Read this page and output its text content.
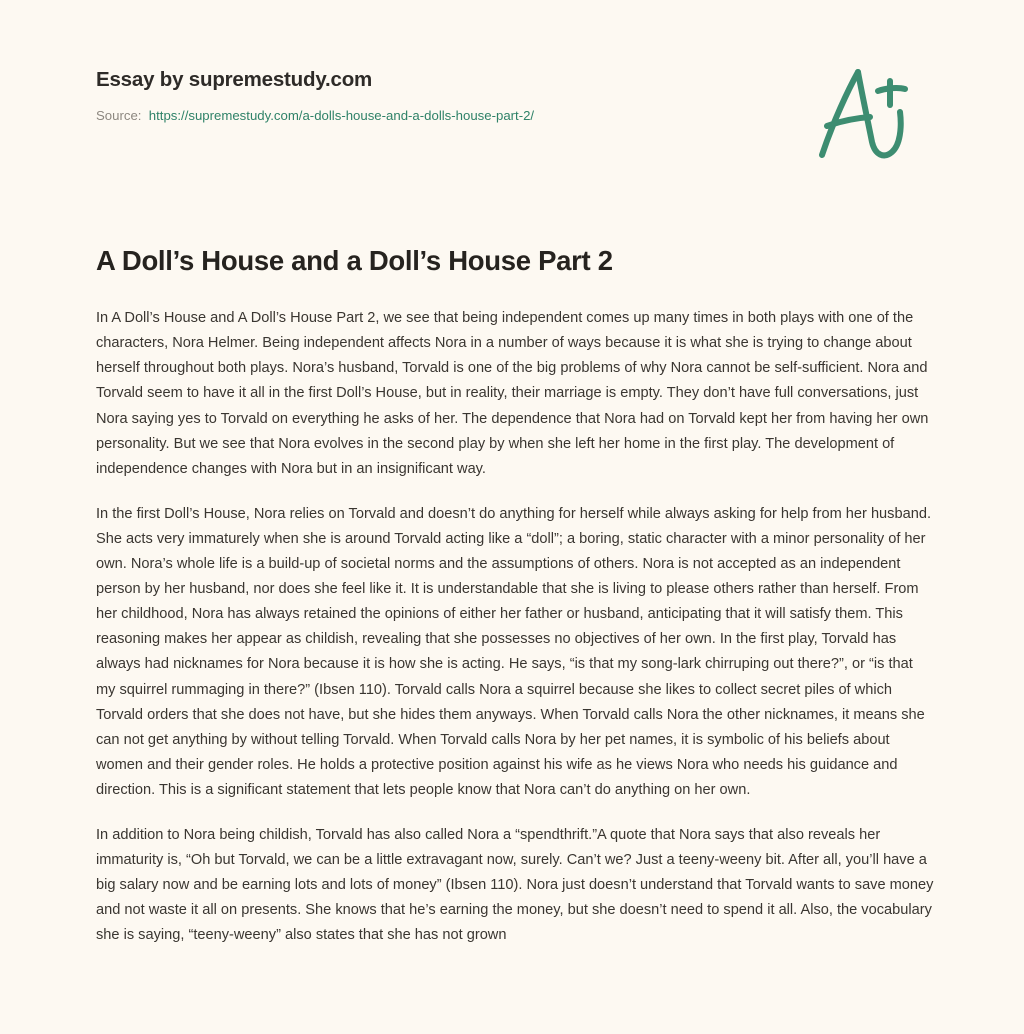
Essay by supremestudy.com
Source: https://supremestudy.com/a-dolls-house-and-a-dolls-house-part-2/
A Doll’s House and a Doll’s House Part 2

In A Doll’s House and A Doll’s House Part 2, we see that being independent comes up many times in both plays with one of the characters, Nora Helmer. Being independent affects Nora in a number of ways because it is what she is trying to change about herself throughout both plays. Nora’s husband, Torvald is one of the big problems of why Nora cannot be self-sufficient. Nora and Torvald seem to have it all in the first Doll’s House, but in reality, their marriage is empty. They don’t have full conversations, just Nora saying yes to Torvald on everything he asks of her. The dependence that Nora had on Torvald kept her from having her own personality. But we see that Nora evolves in the second play by when she left her home in the first play. The development of independence changes with Nora but in an insignificant way.

In the first Doll’s House, Nora relies on Torvald and doesn’t do anything for herself while always asking for help from her husband. She acts very immaturely when she is around Torvald acting like a “doll”; a boring, static character with a minor personality of her own. Nora’s whole life is a build-up of societal norms and the assumptions of others. Nora is not accepted as an independent person by her husband, nor does she feel like it. It is understandable that she is living to please others rather than herself. From her childhood, Nora has always retained the opinions of either her father or husband, anticipating that it will satisfy them. This reasoning makes her appear as childish, revealing that she possesses no objectives of her own. In the first play, Torvald has always had nicknames for Nora because it is how she is acting. He says, “is that my song-lark chirruping out there?”, or “is that my squirrel rummaging in there?” (Ibsen 110). Torvald calls Nora a squirrel because she likes to collect secret piles of which Torvald orders that she does not have, but she hides them anyways. When Torvald calls Nora the other nicknames, it means she can not get anything by without telling Torvald. When Torvald calls Nora by her pet names, it is symbolic of his beliefs about women and their gender roles. He holds a protective position against his wife as he views Nora who needs his guidance and direction. This is a significant statement that lets people know that Nora can’t do anything on her own.

In addition to Nora being childish, Torvald has also called Nora a “spendthrift.”A quote that Nora says that also reveals her immaturity is, “Oh but Torvald, we can be a little extravagant now, surely. Can’t we? Just a teeny-weeny bit. After all, you’ll have a big salary now and be earning lots and lots of money” (Ibsen 110). Nora just doesn’t understand that Torvald wants to save money and not waste it all on presents. She knows that he’s earning the money, but she doesn’t need to spend it all. Also, the vocabulary she is saying, “teeny-weeny” also states that she has not grown
